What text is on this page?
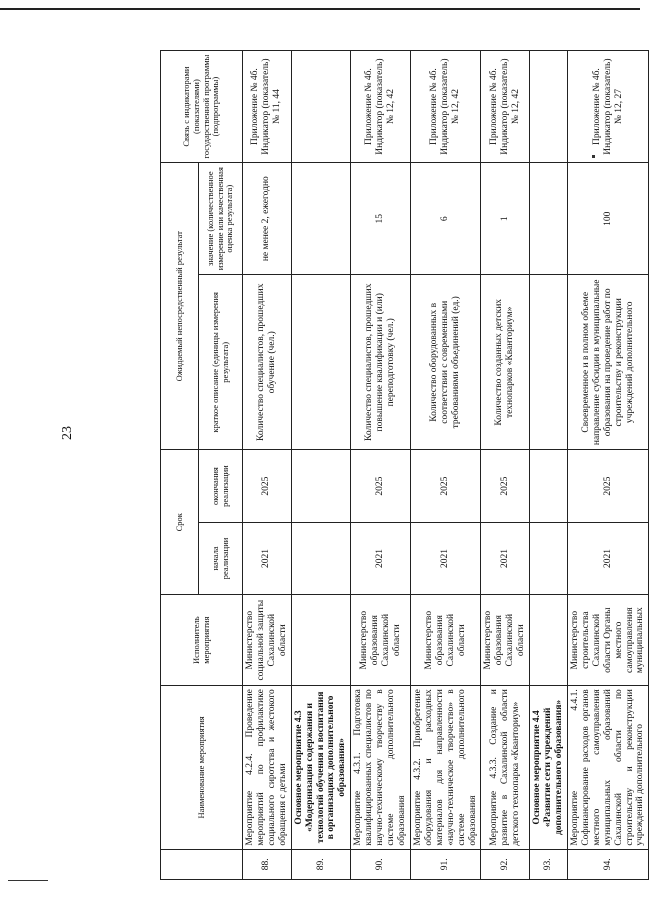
23
	Наименование мероприятия	Исполнитель мероприятия	Срок		Ожидаемый непосредственный результат		Связь с индикаторами (показателями) государственной программы (подпрограммы)
			начала реализации	окончания реализации	краткое описание (единицы измерения результата)	значение (количественное измерение или качественная оценка результата)	
88.	Мероприятие 4.2.4. Проведение мероприятий по профилактике социального сиротства и жестокого обращения с детьми	Министерство социальной защиты Сахалинской области	2021	2025	Количество специалистов, прошедших обучение (чел.)	не менее 2, ежегодно	Приложение № 4б. Индикатор (показатель) № 11, 44
89.	Основное мероприятие 4.3 «Модернизация содержания и технологий обучения и воспитания в организациях дополнительного образования»						
90.	Мероприятие 4.3.1. Подготовка квалифицированных специалистов по научно-техническому творчеству в системе дополнительного образования	Министерство образования Сахалинской области	2021	2025	Количество специалистов, прошедших повышение квалификации и (или) переподготовку (чел.)	15	Приложение № 4б. Индикатор (показатель) № 12, 42
91.	Мероприятие 4.3.2. Приобретение оборудования и расходных материалов для направленности «научно-техническое творчество» в системе дополнительного образования	Министерство образования Сахалинской области	2021	2025	Количество оборудованных в соответствии с современными требованиями объединений (ед.)	6	Приложение № 4б. Индикатор (показатель) № 12, 42
92.	Мероприятие 4.3.3. Создание и развитие в Сахалинской области детского технопарка «Кванториум»	Министерство образования Сахалинской области	2021	2025	Количество созданных детских технопарков «Кванториум»	1	Приложение № 4б. Индикатор (показатель) № 12, 42
93.	Основное мероприятие 4.4 «Развитие сети учреждений дополнительного образования»						
94.	Мероприятие 4.4.1. Софинансирование расходов органов местного самоуправления муниципальных образований Сахалинской области по строительству и реконструкции учреждений дополнительного	Министерство строительства Сахалинской области Органы местного самоуправления муниципальных	2021	2025	Своевременное и в полном объеме направление субсидии в муниципальные образования на проведение работ по строительству и реконструкции учреждений дополнительного	100	Приложение № 4б. Индикатор (показатель) № 12, 27
